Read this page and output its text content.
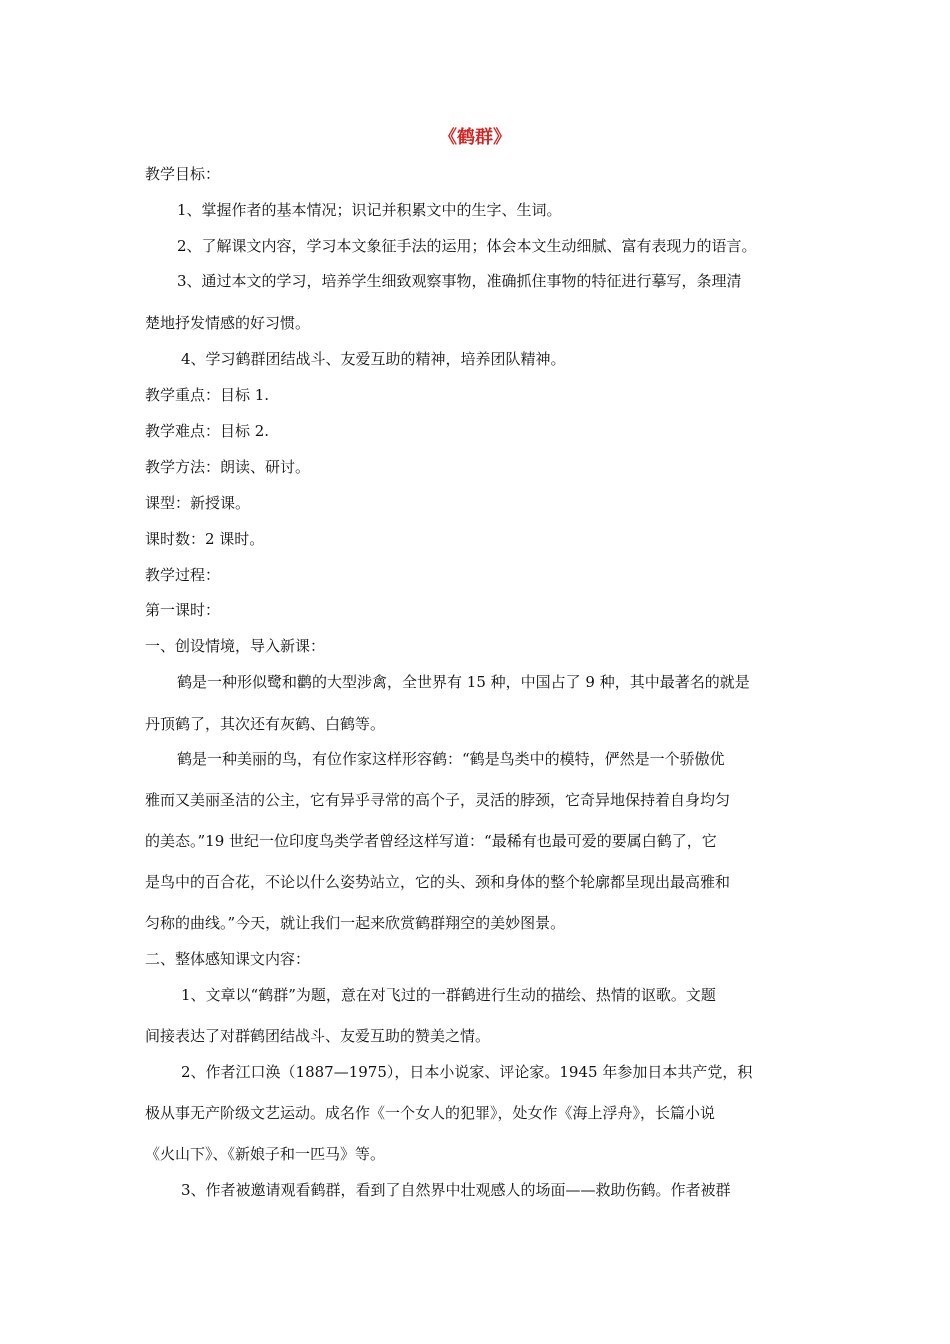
《鹤群》
教学目标：
1、掌握作者的基本情况；识记并积累文中的生字、生词。
2、了解课文内容，学习本文象征手法的运用；体会本文生动细腻、富有表现力的语言。
3、通过本文的学习，培养学生细致观察事物，准确抓住事物的特征进行摹写，条理清
楚地抒发情感的好习惯。
4、学习鹤群团结战斗、友爱互助的精神，培养团队精神。
教学重点：目标 1.
教学难点：目标 2.
教学方法：朗读、研讨。
课型：新授课。
课时数：2 课时。
教学过程：
第一课时：
一、创设情境，导入新课：
鹤是一种形似鹭和鹳的大型涉禽，全世界有 15 种，中国占了 9 种，其中最著名的就是
丹顶鹤了，其次还有灰鹤、白鹤等。
鹤是一种美丽的鸟，有位作家这样形容鹤：“鹤是鸟类中的模特，俨然是一个骄傲优
雅而又美丽圣洁的公主，它有异乎寻常的高个子，灵活的脖颈，它奇异地保持着自身均匀
的美态。”19 世纪一位印度鸟类学者曾经这样写道：“最稀有也最可爱的要属白鹤了，它
是鸟中的百合花，不论以什么姿势站立，它的头、颈和身体的整个轮廓都呈现出最高雅和
匀称的曲线。”今天，就让我们一起来欣赏鹤群翔空的美妙图景。
二、整体感知课文内容：
1、文章以“鹤群”为题，意在对飞过的一群鹤进行生动的描绘、热情的讴歌。文题
间接表达了对群鹤团结战斗、友爱互助的赞美之情。
2、作者江口涣（1887—1975），日本小说家、评论家。1945 年参加日本共产党，积
极从事无产阶级文艺运动。成名作《一个女人的犯罪》，处女作《海上浮舟》，长篇小说
《火山下》、《新娘子和一匹马》等。
3、作者被邀请观看鹤群，看到了自然界中壮观感人的场面——救助伤鹤。作者被群
